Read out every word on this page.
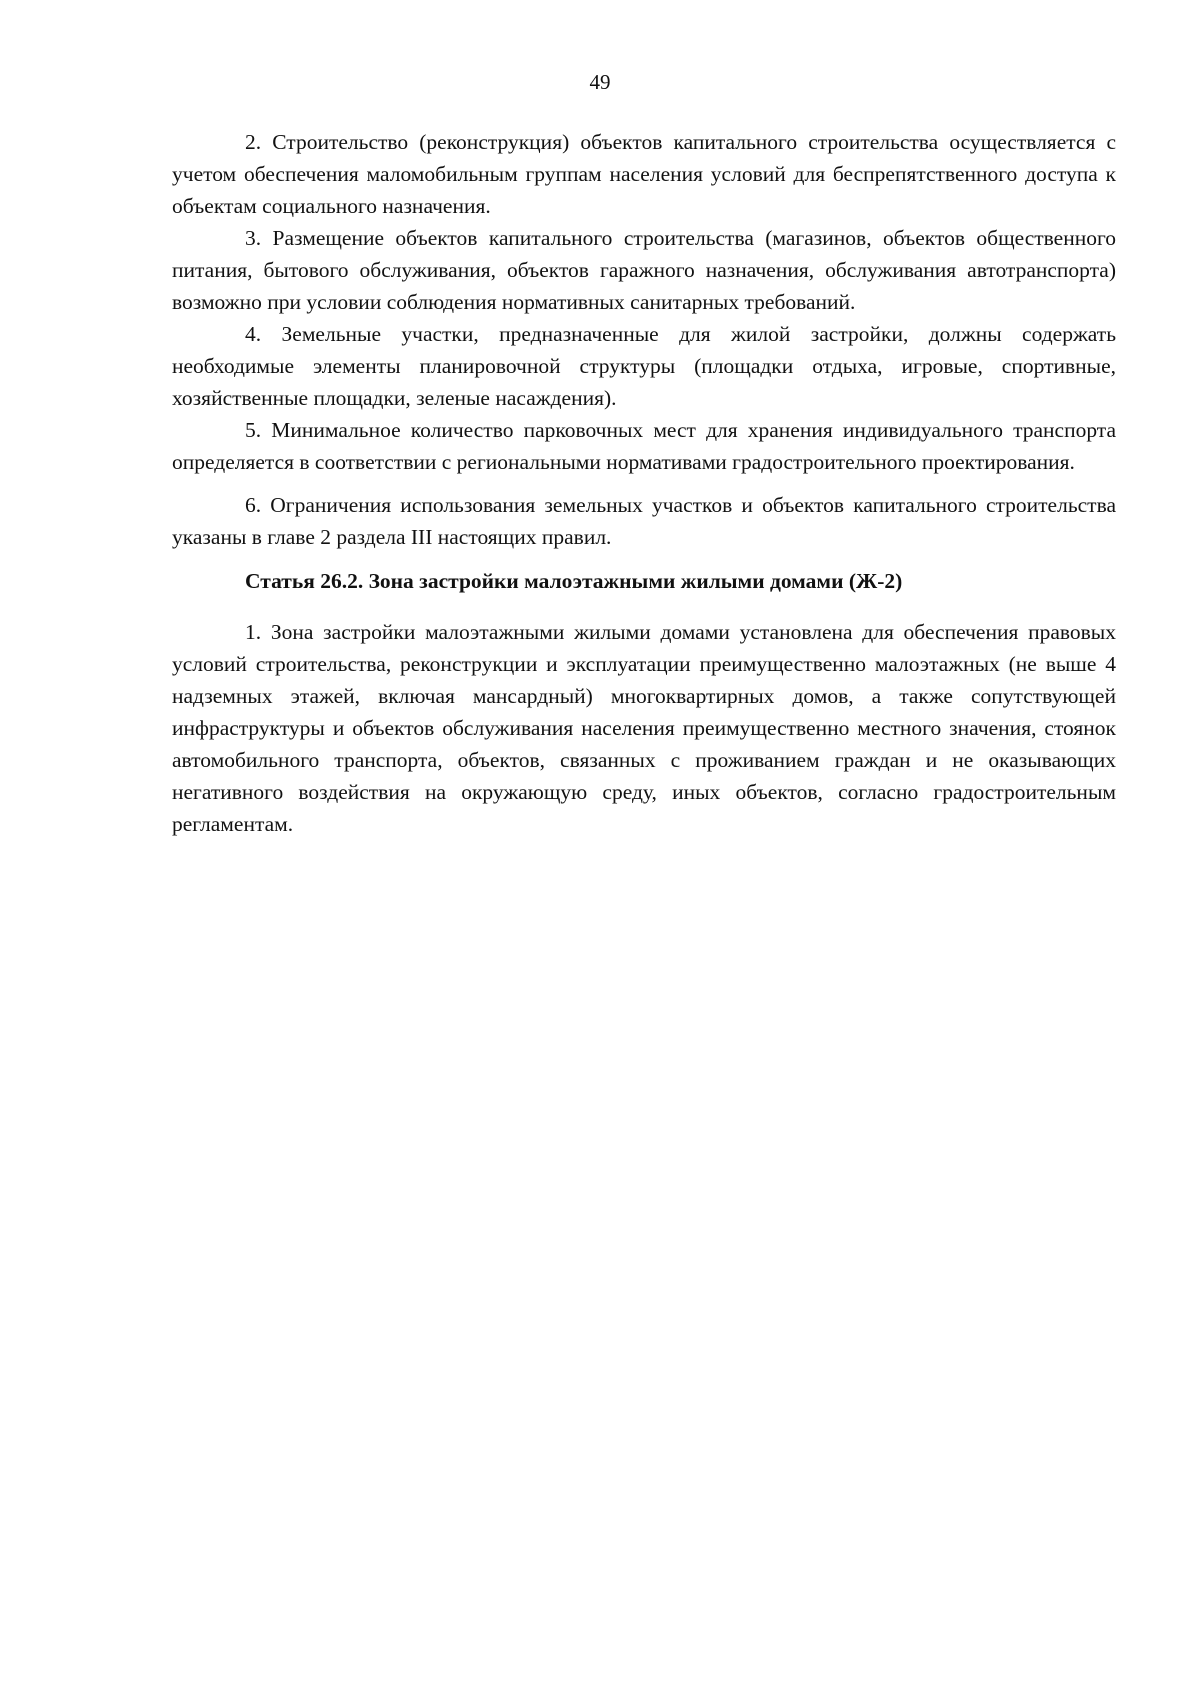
49

2. Строительство (реконструкция) объектов капитального строительства осуществляется с учетом обеспечения маломобильным группам населения условий для беспрепятственного доступа к объектам социального назначения.

3. Размещение объектов капитального строительства (магазинов, объектов общественного питания, бытового обслуживания, объектов гаражного назначения, обслуживания автотранспорта) возможно при условии соблюдения нормативных санитарных требований.

4. Земельные участки, предназначенные для жилой застройки, должны содержать необходимые элементы планировочной структуры (площадки отдыха, игровые, спортивные, хозяйственные площадки, зеленые насаждения).

5. Минимальное количество парковочных мест для хранения индивидуального транспорта определяется в соответствии с региональными нормативами градостроительного проектирования.

6. Ограничения использования земельных участков и объектов капитального строительства указаны в главе 2 раздела III настоящих правил.

Статья 26.2. Зона застройки малоэтажными жилыми домами (Ж-2)

1. Зона застройки малоэтажными жилыми домами установлена для обеспечения правовых условий строительства, реконструкции и эксплуатации преимущественно малоэтажных (не выше 4 надземных этажей, включая мансардный) многоквартирных домов, а также сопутствующей инфраструктуры и объектов обслуживания населения преимущественно местного значения, стоянок автомобильного транспорта, объектов, связанных с проживанием граждан и не оказывающих негативного воздействия на окружающую среду, иных объектов, согласно градостроительным регламентам.
